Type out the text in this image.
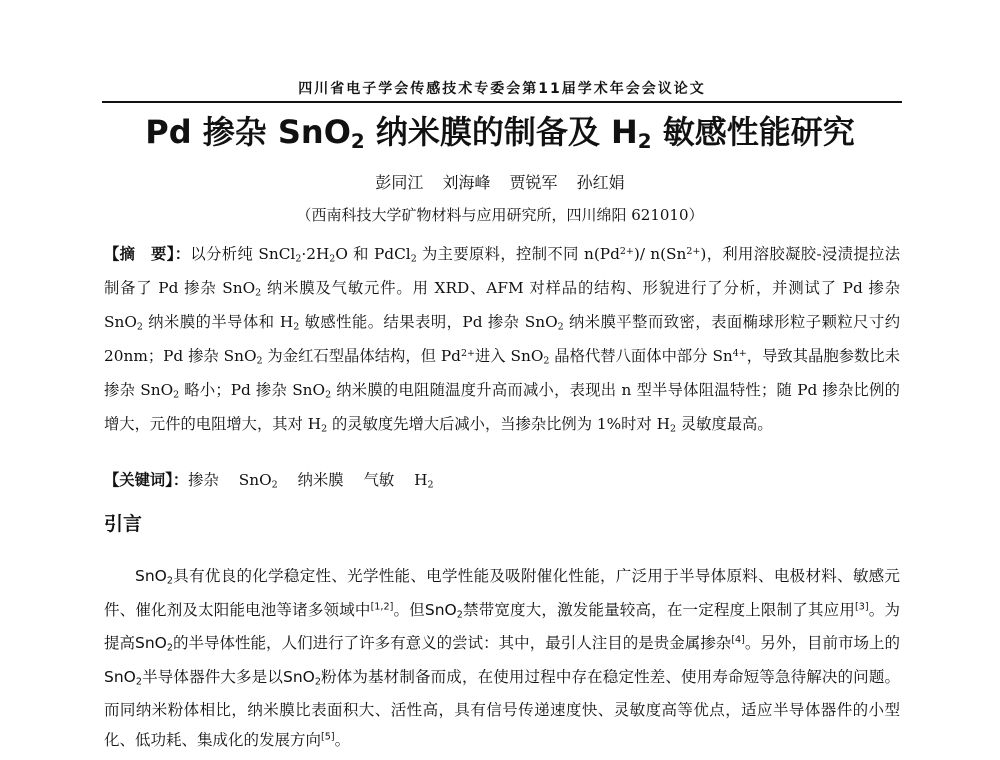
四川省电子学会传感技术专委会第11届学术年会会议论文
Pd 掺杂 SnO$_2$ 纳米膜的制备及 $H_2$ 敏感性能研究
彭同江 刘海峰 贾锐军 孙红娟
（西南科技大学矿物材料与应用研究所，四川绵阳 621010）
【摘　要】：以分析纯 $SnCl_2\cdot 2H_2O$ 和 PdCl$_2$ 为主要原料，控制不同 $n(Pd^{2+})/$ $n(Sn^{2+})$，利用溶胶凝胶-浸渍提拉法制备了 Pd 掺杂 SnO$_2$ 纳米膜及气敏元件。用 XRD、AFM 对样品的结构、形貌进行了分析，并测试了 Pd 掺杂 SnO$_2$ 纳米膜的半导体和 $H_2$ 敏感性能。结果表明，Pd 掺杂 SnO$_2$ 纳米膜平整而致密，表面椭球形粒子颗粒尺寸约 20nm；Pd 掺杂 SnO$_2$ 为金红石型晶体结构，但 $Pd^{2+}$进入 SnO$_2$ 晶格代替八面体中部分 $Sn^{4+}$，导致其晶胞参数比未掺杂 SnO$_2$ 略小；Pd 掺杂 SnO$_2$ 纳米膜的电阻随温度升高而减小，表现出 n 型半导体阻温特性；随 Pd 掺杂比例的增大，元件的电阻增大，其对 $H_2$ 的灵敏度先增大后减小，当掺杂比例为 1%时对 $H_2$ 灵敏度最高。
【关键词】：掺杂 SnO$_2$ 纳米膜 气敏 $H_2$
引言

SnO$_2$具有优良的化学稳定性、光学性能、电学性能及吸附催化性能，广泛用于半导体原料、电极材料、敏感元件、催化剂及太阳能电池等诸多领域中[1,2]。但SnO$_2$禁带宽度大，激发能量较高，在一定程度上限制了其应用[3]。为提高SnO$_2$的半导体性能，人们进行了许多有意义的尝试：其中，最引人注目的是贵金属掺杂[4]。另外，目前市场上的SnO$_2$半导体器件大多是以SnO$_2$粉体为基材制备而成，在使用过程中存在稳定性差、使用寿命短等急待解决的问题。而同纳米粉体相比，纳米膜比表面积大、活性高，具有信号传递速度快、灵敏度高等优点，适应半导体器件的小型化、低功耗、集成化的发展方向[5]。
